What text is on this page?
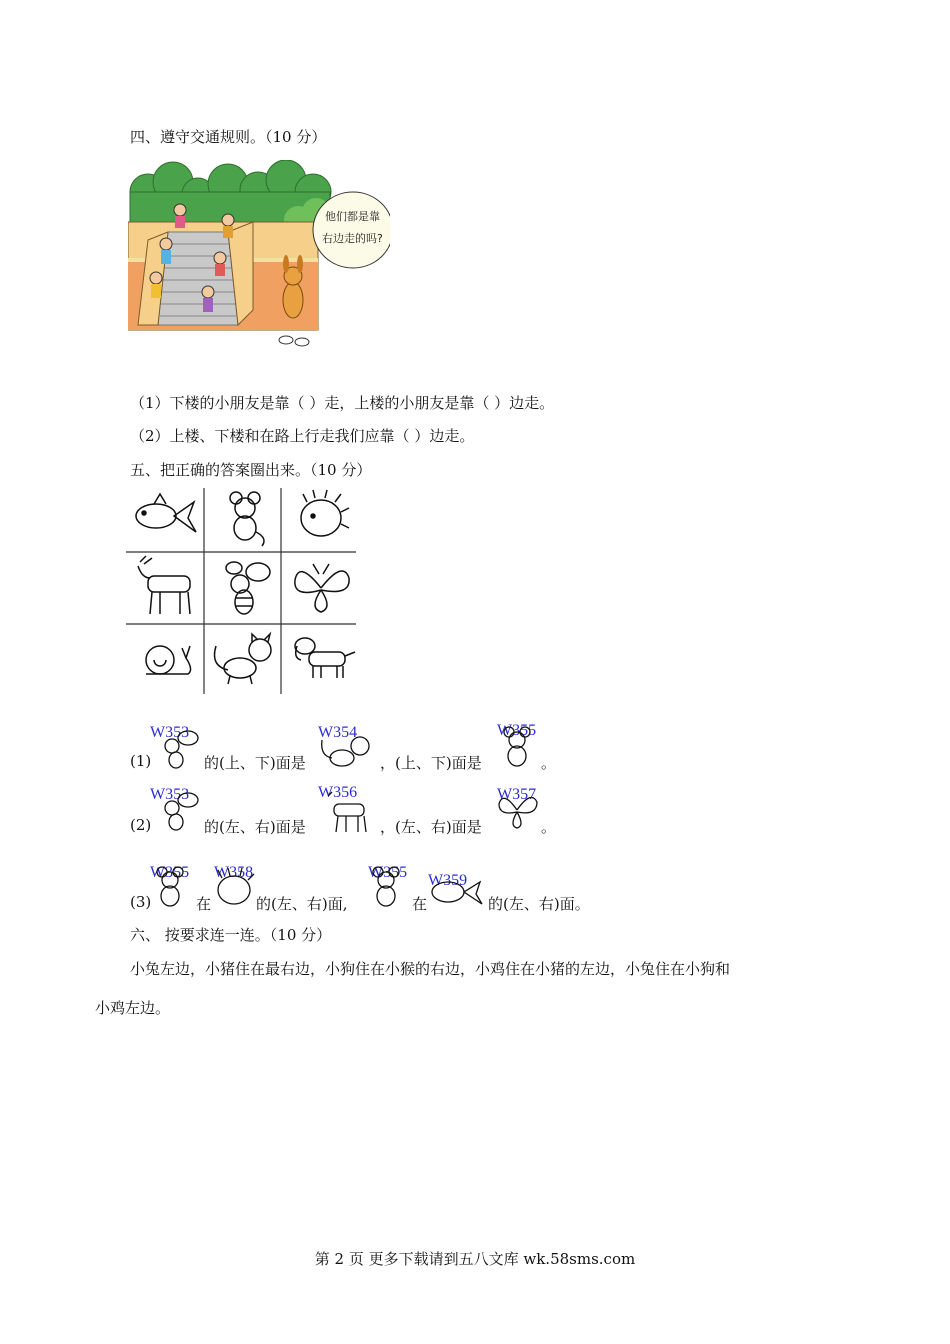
四、遵守交通规则。（10 分）
他们都是靠
右边走的吗?
（1）下楼的小朋友是靠（ ）走，上楼的小朋友是靠（ ）边走。
（2）上楼、下楼和在路上行走我们应靠（ ）边走。
五、把正确的答案圈出来。（10 分）
(1)
W353
的(上、下)面是
W354
，(上、下)面是
W355
。
(2)
W353
的(左、右)面是
W356
，(左、右)面是
W357
。
(3)
W355
在
W358
的(左、右)面,
W355
在
W359
的(左、右)面。
六、 按要求连一连。（10 分）
小兔左边，小猪住在最右边，小狗住在小猴的右边，小鸡住在小猪的左边，小兔住在小狗和
小鸡左边。
第 2 页 更多下载请到五八文库 wk.58sms.com
